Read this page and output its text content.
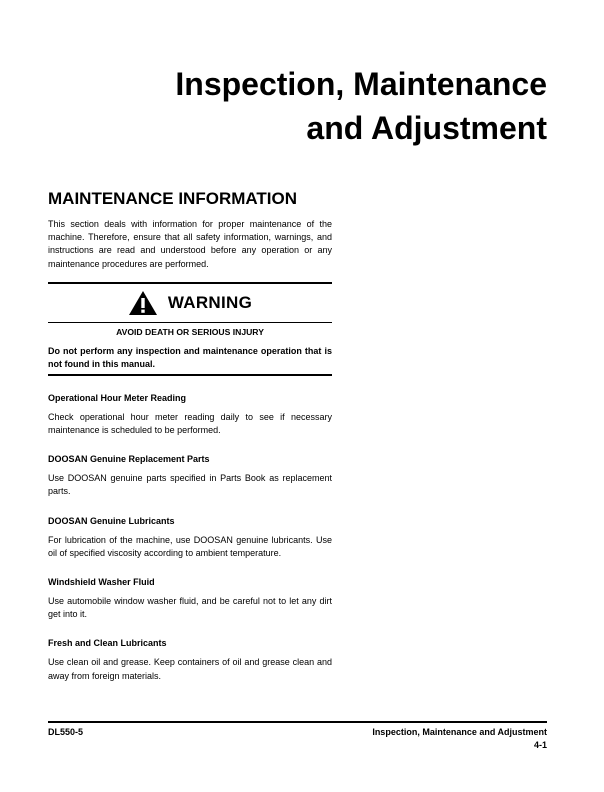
Inspection, Maintenance
and Adjustment
MAINTENANCE INFORMATION

This section deals with information for proper maintenance of the machine. Therefore, ensure that all safety information, warnings, and instructions are read and understood before any operation or any maintenance procedures are performed.

WARNING
AVOID DEATH OR SERIOUS INJURY

Do not perform any inspection and maintenance operation that is not found in this manual.

Operational Hour Meter Reading

Check operational hour meter reading daily to see if necessary maintenance is scheduled to be performed.

DOOSAN Genuine Replacement Parts

Use DOOSAN genuine parts specified in Parts Book as replacement parts.

DOOSAN Genuine Lubricants

For lubrication of the machine, use DOOSAN genuine lubricants. Use oil of specified viscosity according to ambient temperature.

Windshield Washer Fluid

Use automobile window washer fluid, and be careful not to let any dirt get into it.

Fresh and Clean Lubricants

Use clean oil and grease. Keep containers of oil and grease clean and away from foreign materials.

DL550-5	Inspection, Maintenance and Adjustment
4-1
